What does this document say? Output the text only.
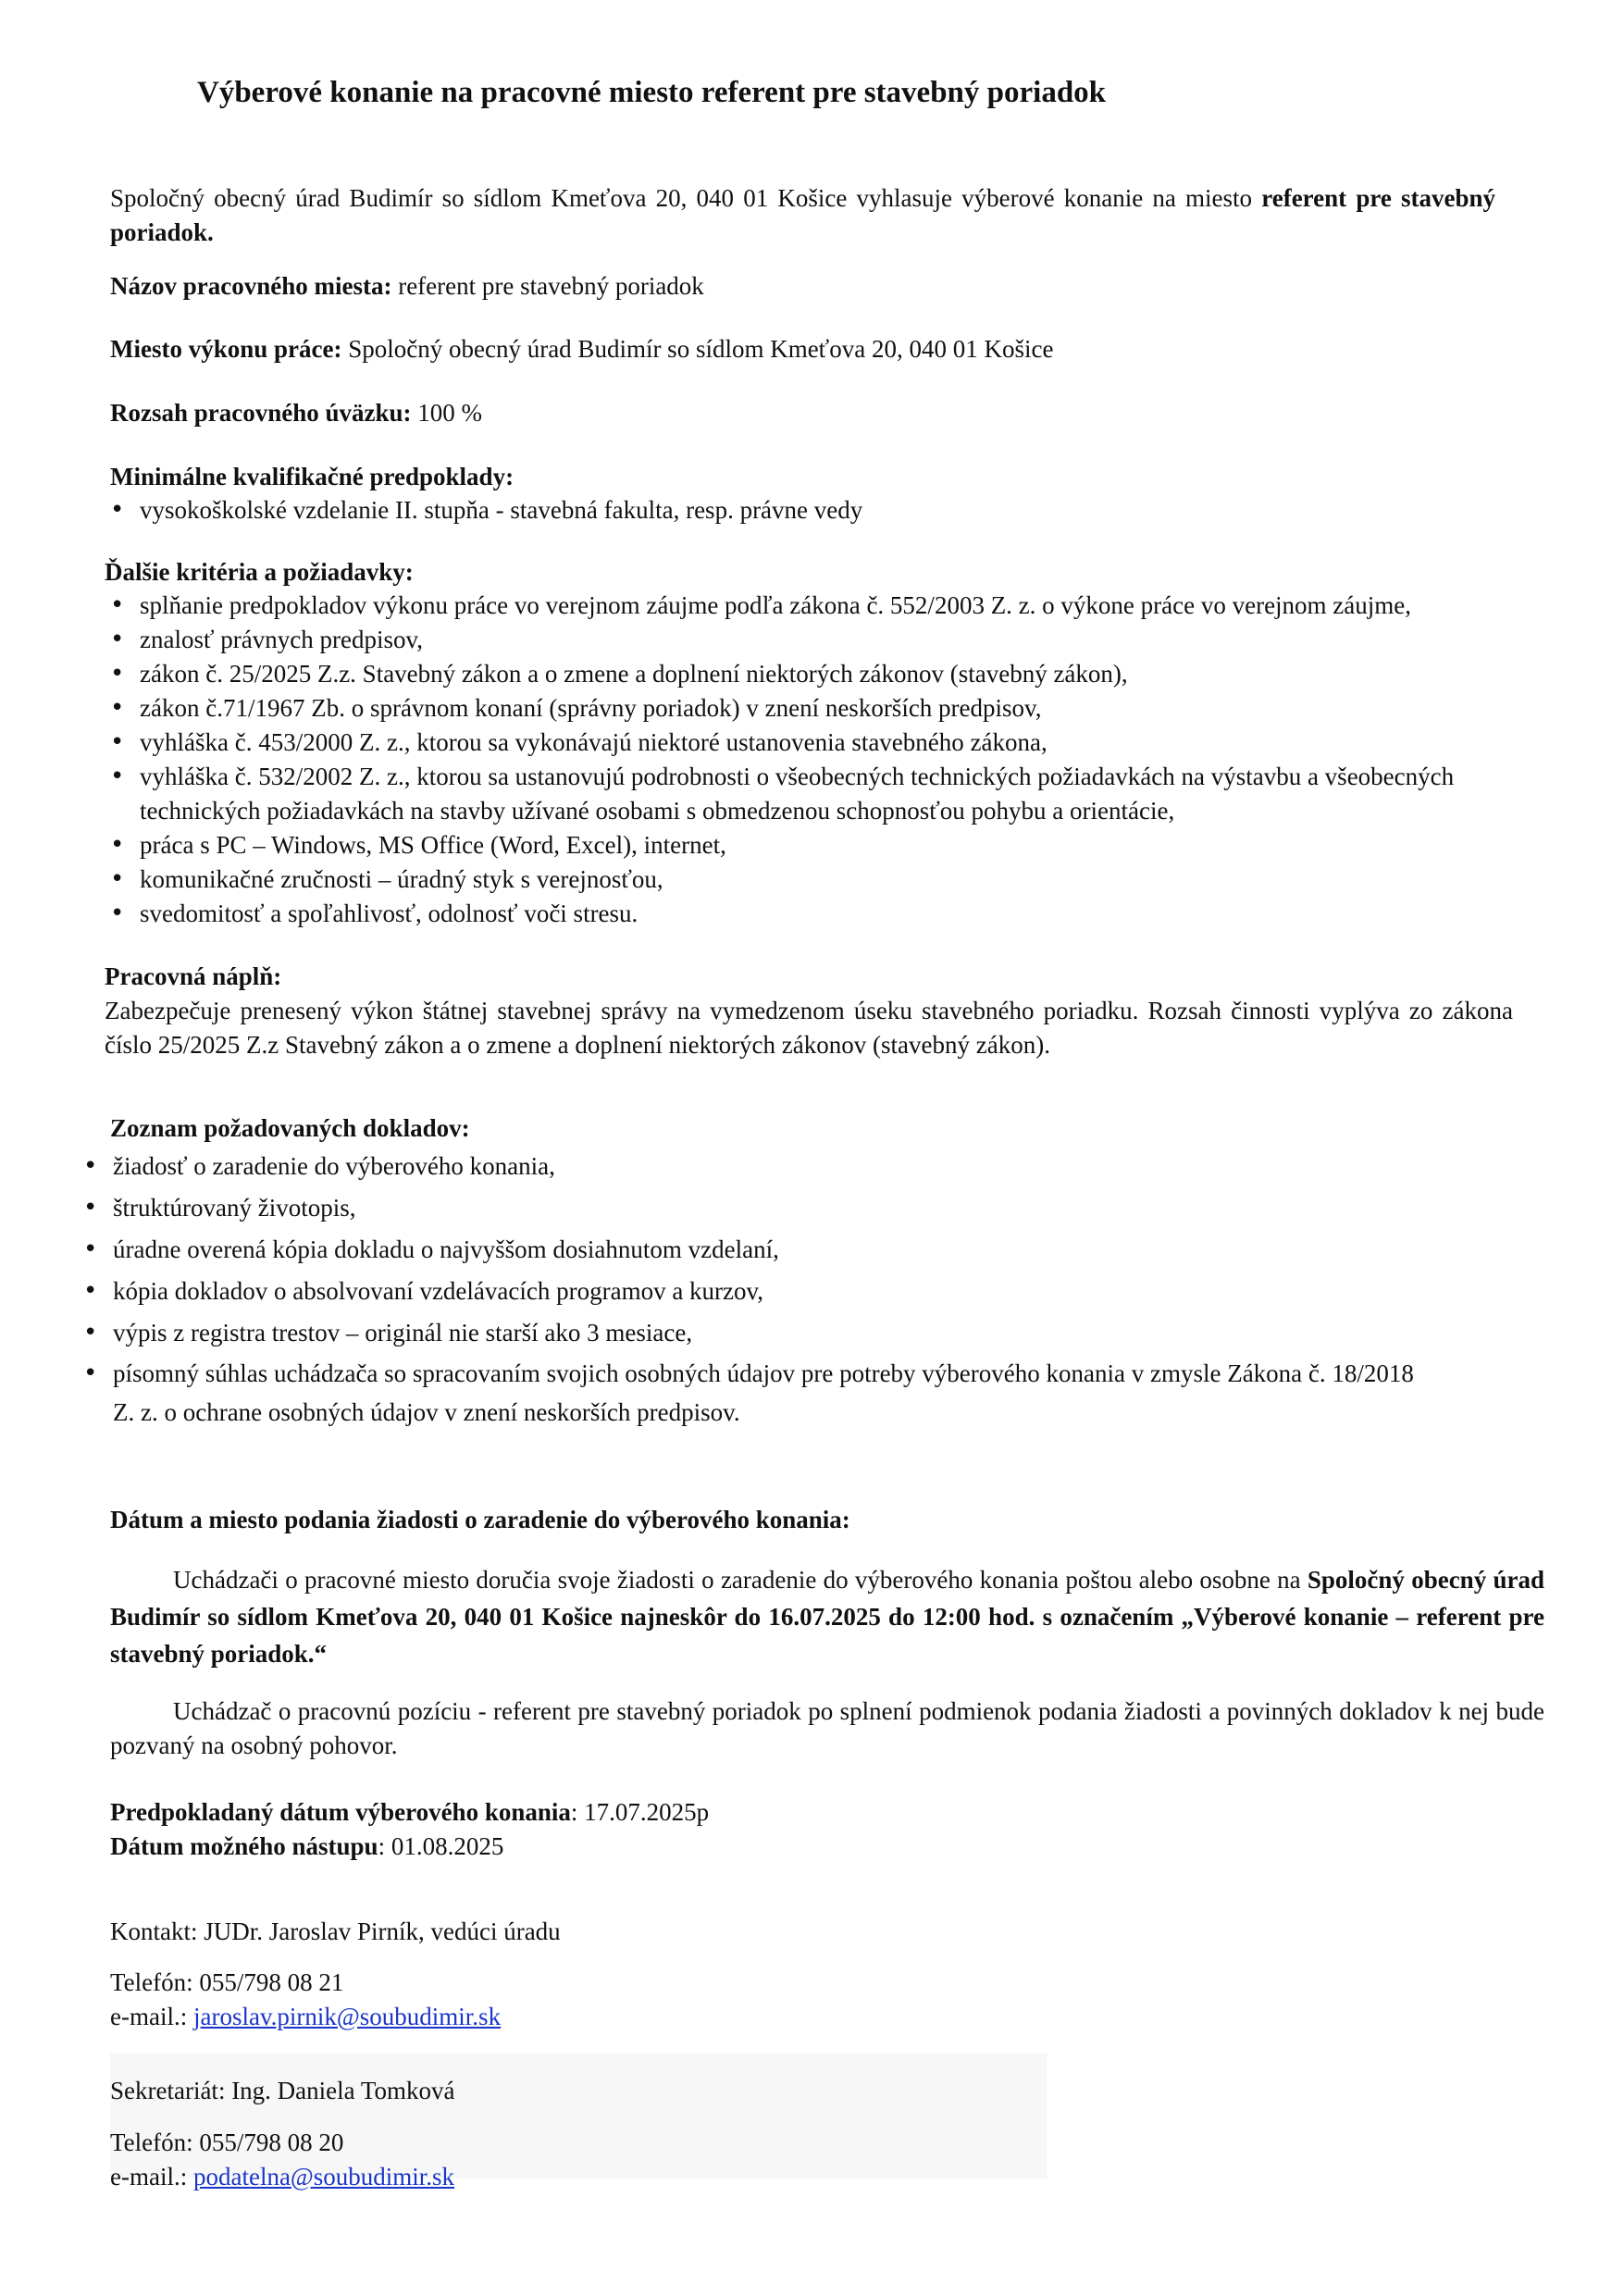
Výberové konanie na pracovné miesto referent pre stavebný poriadok
Spoločný obecný úrad Budimír so sídlom Kmeťova 20, 040 01 Košice vyhlasuje výberové konanie na miesto referent pre stavebný poriadok.
Názov pracovného miesta: referent pre stavebný poriadok
Miesto výkonu práce: Spoločný obecný úrad Budimír so sídlom Kmeťova 20, 040 01 Košice
Rozsah pracovného úväzku: 100 %
Minimálne kvalifikačné predpoklady:
• vysokoškolské vzdelanie II. stupňa - stavebná fakulta, resp. právne vedy
Ďalšie kritéria a požiadavky:
• splňanie predpokladov výkonu práce vo verejnom záujme podľa zákona č. 552/2003 Z. z. o výkone práce vo verejnom záujme,
• znalosť právnych predpisov,
• zákon č. 25/2025 Z.z. Stavebný zákon a o zmene a doplnení niektorých zákonov (stavebný zákon),
• zákon č.71/1967 Zb. o správnom konaní (správny poriadok) v znení neskorších predpisov,
• vyhláška č. 453/2000 Z. z., ktorou sa vykonávajú niektoré ustanovenia stavebného zákona,
• vyhláška č. 532/2002 Z. z., ktorou sa ustanovujú podrobnosti o všeobecných technických požiadavkách na výstavbu a všeobecných technických požiadavkách na stavby užívané osobami s obmedzenou schopnosťou pohybu a orientácie,
• práca s PC – Windows, MS Office (Word, Excel), internet,
• komunikačné zručnosti – úradný styk s verejnosťou,
• svedomitosť a spoľahlivosť, odolnosť voči stresu.
Pracovná náplň:
Zabezpečuje prenesený výkon štátnej stavebnej správy na vymedzenom úseku stavebného poriadku. Rozsah činnosti vyplýva zo zákona číslo 25/2025 Z.z Stavebný zákon a o zmene a doplnení niektorých zákonov (stavebný zákon).
Zoznam požadovaných dokladov:
• žiadosť o zaradenie do výberového konania,
• štruktúrovaný životopis,
• úradne overená kópia dokladu o najvyššom dosiahnutom vzdelaní,
• kópia dokladov o absolvovaní vzdelávacích programov a kurzov,
• výpis z registra trestov – originál nie starší ako 3 mesiace,
• písomný súhlas uchádzača so spracovaním svojich osobných údajov pre potreby výberového konania v zmysle Zákona č. 18/2018 Z. z. o ochrane osobných údajov v znení neskorších predpisov.
Dátum a miesto podania žiadosti o zaradenie do výberového konania:
Uchádzači o pracovné miesto doručia svoje žiadosti o zaradenie do výberového konania poštou alebo osobne na Spoločný obecný úrad Budimír so sídlom Kmeťova 20, 040 01 Košice najneskôr do 16.07.2025 do 12:00 hod. s označením „Výberové konanie – referent pre stavebný poriadok.“
Uchádzač o pracovnú pozíciu - referent pre stavebný poriadok po splnení podmienok podania žiadosti a povinných dokladov k nej bude pozvaný na osobný pohovor.
Predpokladaný dátum výberového konania: 17.07.2025p
Dátum možného nástupu: 01.08.2025
Kontakt: JUDr. Jaroslav Pirník, vedúci úradu
Telefón: 055/798 08 21
e-mail.: jaroslav.pirnik@soubudimir.sk
Sekretariát: Ing. Daniela Tomková
Telefón: 055/798 08 20
e-mail.: podatelna@soubudimir.sk
